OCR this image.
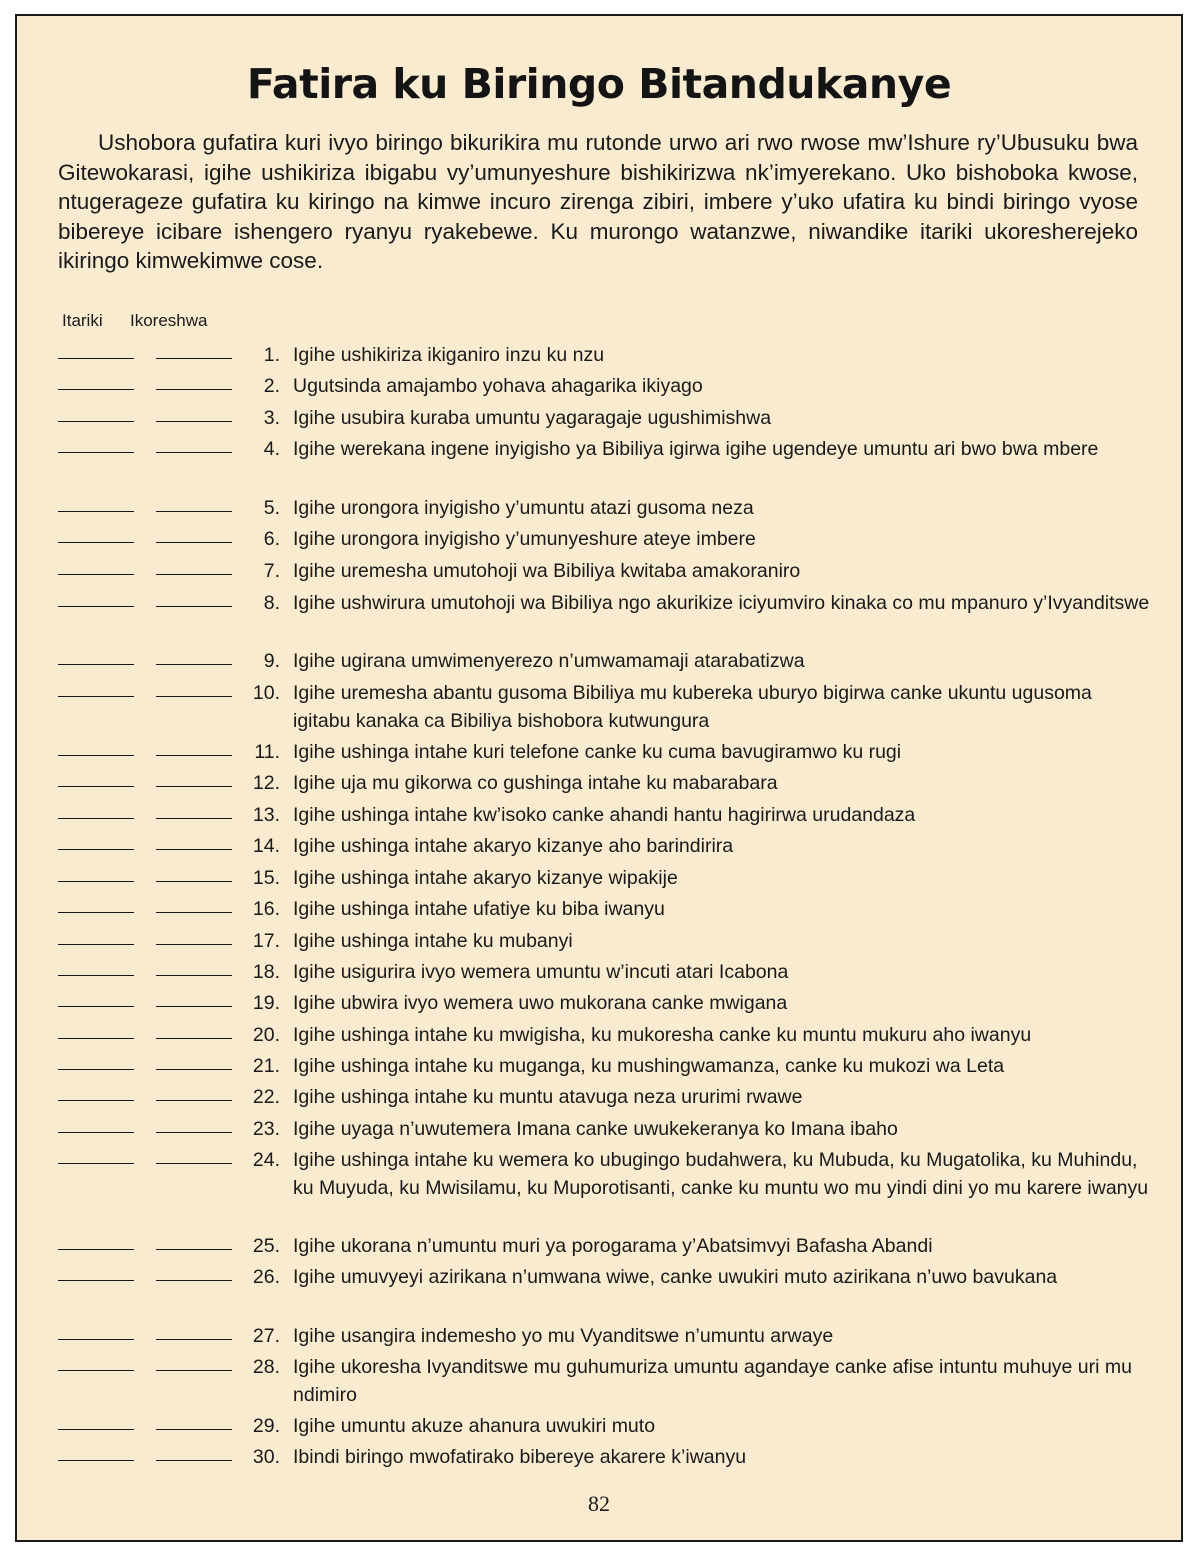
Fatira ku Biringo Bitandukanye

Ushobora gufatira kuri ivyo biringo bikurikira mu rutonde urwo ari rwo rwose mw’Ishure ry’Ubusuku bwa Gitewokarasi, igihe ushikiriza ibigabu vy’umunyeshure bishikirizwa nk’imyerekano. Uko bishoboka kwose, ntugerageze gufatira ku kiringo na kimwe incuro zirenga zibiri, imbere y’uko ufatira ku bindi biringo vyose bibereye icibare ishengero ryanyu ryakebewe. Ku murongo watanzwe, niwandike itariki ukoresherejeko ikiringo kimwekimwe cose.

Itariki Ikoreshwa
1. Igihe ushikiriza ikiganiro inzu ku nzu

2. Ugutsinda amajambo yohava ahagarika ikiyago

3. Igihe usubira kuraba umuntu yagaragaje ugushimishwa

4. Igihe werekana ingene inyigisho ya Bibiliya igirwa igihe ugendeye umuntu ari bwo bwa mbere

5. Igihe urongora inyigisho y’umuntu atazi gusoma neza

6. Igihe urongora inyigisho y’umunyeshure ateye imbere

7. Igihe uremesha umutohoji wa Bibiliya kwitaba amakoraniro

8. Igihe ushwirura umutohoji wa Bibiliya ngo akurikize iciyumviro kinaka co mu mpanuro y’Ivyanditswe

9. Igihe ugirana umwimenyerezo n’umwamamaji atarabatizwa

10. Igihe uremesha abantu gusoma Bibiliya mu kubereka uburyo bigirwa canke ukuntu ugusoma igitabu kanaka ca Bibiliya bishobora kutwungura

11. Igihe ushinga intahe kuri telefone canke ku cuma bavugiramwo ku rugi

12. Igihe uja mu gikorwa co gushinga intahe ku mabarabara

13. Igihe ushinga intahe kw’isoko canke ahandi hantu hagirirwa urudandaza

14. Igihe ushinga intahe akaryo kizanye aho barindirira

15. Igihe ushinga intahe akaryo kizanye wipakije

16. Igihe ushinga intahe ufatiye ku biba iwanyu

17. Igihe ushinga intahe ku mubanyi

18. Igihe usigurira ivyo wemera umuntu w’incuti atari Icabona

19. Igihe ubwira ivyo wemera uwo mukorana canke mwigana

20. Igihe ushinga intahe ku mwigisha, ku mukoresha canke ku muntu mukuru aho iwanyu

21. Igihe ushinga intahe ku muganga, ku mushingwamanza, canke ku mukozi wa Leta

22. Igihe ushinga intahe ku muntu atavuga neza ururimi rwawe

23. Igihe uyaga n’uwutemera Imana canke uwukekeranya ko Imana ibaho

24. Igihe ushinga intahe ku wemera ko ubugingo budahwera, ku Mubuda, ku Mugatolika, ku Muhindu, ku Muyuda, ku Mwisilamu, ku Muporotisanti, canke ku muntu wo mu yindi dini yo mu karere iwanyu

25. Igihe ukorana n’umuntu muri ya porogarama y’Abatsimvyi Bafasha Abandi

26. Igihe umuvyeyi azirikana n’umwana wiwe, canke uwukiri muto azirikana n’uwo bavukana

27. Igihe usangira indemesho yo mu Vyanditswe n’umuntu arwaye

28. Igihe ukoresha Ivyanditswe mu guhumuriza umuntu agandaye canke afise intuntu muhuye uri mu ndimiro

29. Igihe umuntu akuze ahanura uwukiri muto

30. Ibindi biringo mwofatirako bibereye akarere k’iwanyu

82
